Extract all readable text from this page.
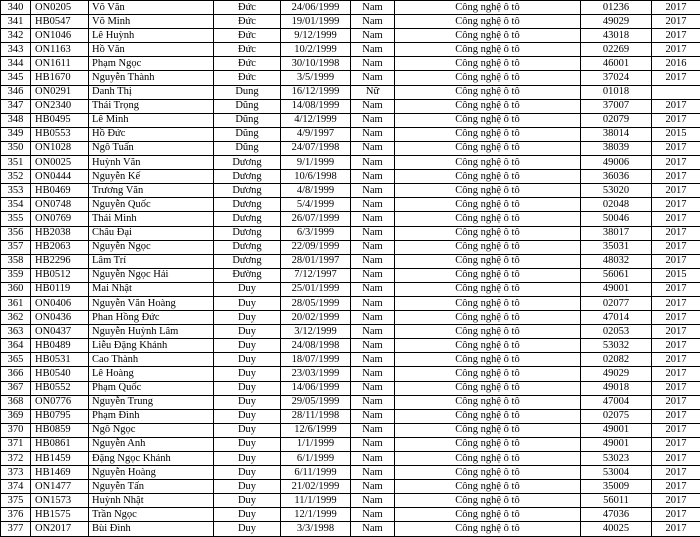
340	ON0205	Võ Văn	Đức	24/06/1999	Nam	Công nghệ ô tô	01236	2017
341	HB0547	Võ Minh	Đức	19/01/1999	Nam	Công nghệ ô tô	49029	2017
342	ON1046	Lê Huỳnh	Đức	9/12/1999	Nam	Công nghệ ô tô	43018	2017
343	ON1163	Hồ Văn	Đức	10/2/1999	Nam	Công nghệ ô tô	02269	2017
344	ON1611	Phạm Ngọc	Đức	30/10/1998	Nam	Công nghệ ô tô	46001	2016
345	HB1670	Nguyễn Thành	Đức	3/5/1999	Nam	Công nghệ ô tô	37024	2017
346	ON0291	Danh Thị	Dung	16/12/1999	Nữ	Công nghệ ô tô	01018	
347	ON2340	Thái Trọng	Dũng	14/08/1999	Nam	Công nghệ ô tô	37007	2017
348	HB0495	Lê Minh	Dũng	4/12/1999	Nam	Công nghệ ô tô	02079	2017
349	HB0553	Hồ Đức	Dũng	4/9/1997	Nam	Công nghệ ô tô	38014	2015
350	ON1028	Ngô Tuấn	Dũng	24/07/1998	Nam	Công nghệ ô tô	38039	2017
351	ON0025	Huỳnh Văn	Dương	9/1/1999	Nam	Công nghệ ô tô	49006	2017
352	ON0444	Nguyễn Kế	Dương	10/6/1998	Nam	Công nghệ ô tô	36036	2017
353	HB0469	Trương Văn	Dương	4/8/1999	Nam	Công nghệ ô tô	53020	2017
354	ON0748	Nguyễn Quốc	Dương	5/4/1999	Nam	Công nghệ ô tô	02048	2017
355	ON0769	Thái Minh	Dương	26/07/1999	Nam	Công nghệ ô tô	50046	2017
356	HB2038	Châu Đại	Dương	6/3/1999	Nam	Công nghệ ô tô	38017	2017
357	HB2063	Nguyễn Ngọc	Dương	22/09/1999	Nam	Công nghệ ô tô	35031	2017
358	HB2296	Lâm Trí	Dương	28/01/1997	Nam	Công nghệ ô tô	48032	2017
359	HB0512	Nguyễn Ngọc Hải	Đường	7/12/1997	Nam	Công nghệ ô tô	56061	2015
360	HB0119	Mai Nhật	Duy	25/01/1999	Nam	Công nghệ ô tô	49001	2017
361	ON0406	Nguyễn Văn Hoàng	Duy	28/05/1999	Nam	Công nghệ ô tô	02077	2017
362	ON0436	Phan Hồng Đức	Duy	20/02/1999	Nam	Công nghệ ô tô	47014	2017
363	ON0437	Nguyễn Huỳnh Lâm	Duy	3/12/1999	Nam	Công nghệ ô tô	02053	2017
364	HB0489	Liễu Đặng Khánh	Duy	24/08/1998	Nam	Công nghệ ô tô	53032	2017
365	HB0531	Cao Thành	Duy	18/07/1999	Nam	Công nghệ ô tô	02082	2017
366	HB0540	Lê Hoàng	Duy	23/03/1999	Nam	Công nghệ ô tô	49029	2017
367	HB0552	Phạm Quốc	Duy	14/06/1999	Nam	Công nghệ ô tô	49018	2017
368	ON0776	Nguyễn Trung	Duy	29/05/1999	Nam	Công nghệ ô tô	47004	2017
369	HB0795	Phạm Đình	Duy	28/11/1998	Nam	Công nghệ ô tô	02075	2017
370	HB0859	Ngô Ngọc	Duy	12/6/1999	Nam	Công nghệ ô tô	49001	2017
371	HB0861	Nguyễn Anh	Duy	1/1/1999	Nam	Công nghệ ô tô	49001	2017
372	HB1459	Đặng Ngọc Khánh	Duy	6/1/1999	Nam	Công nghệ ô tô	53023	2017
373	HB1469	Nguyễn Hoàng	Duy	6/11/1999	Nam	Công nghệ ô tô	53004	2017
374	ON1477	Nguyễn Tấn	Duy	21/02/1999	Nam	Công nghệ ô tô	35009	2017
375	ON1573	Huỳnh Nhật	Duy	11/1/1999	Nam	Công nghệ ô tô	56011	2017
376	HB1575	Trần Ngọc	Duy	12/1/1999	Nam	Công nghệ ô tô	47036	2017
377	ON2017	Bùi Đình	Duy	3/3/1998	Nam	Công nghệ ô tô	40025	2017
